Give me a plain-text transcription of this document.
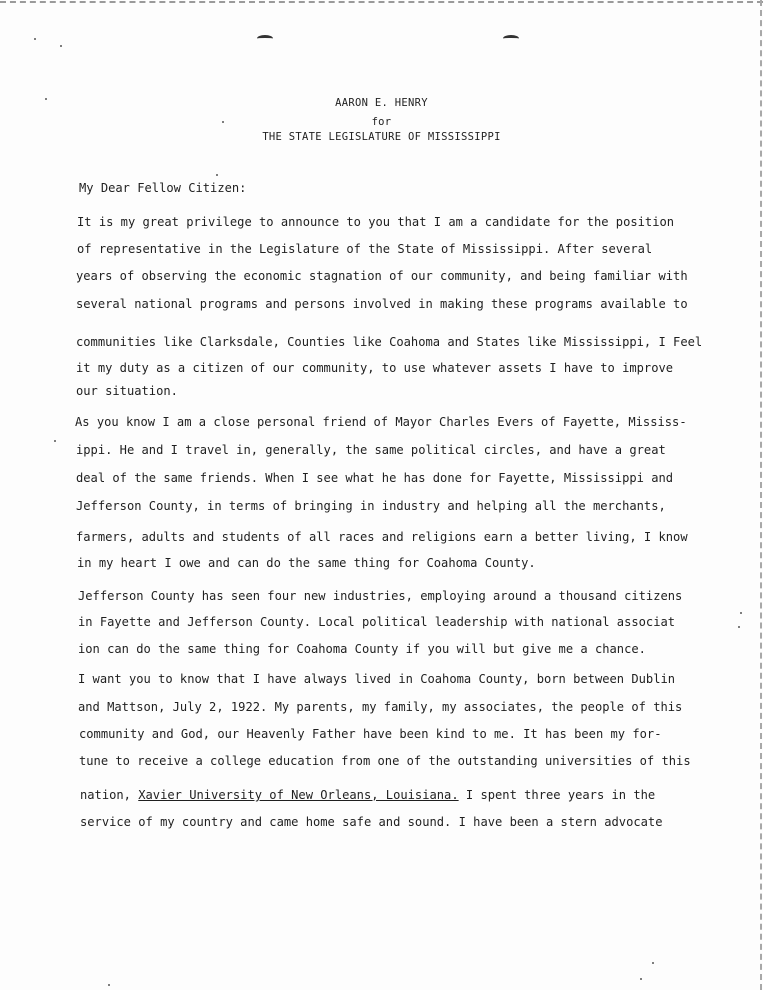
AARON E. HENRY
for
THE STATE LEGISLATURE OF MISSISSIPPI
My Dear Fellow Citizen:
It is my great privilege to announce to you that I am a candidate for the position
of representative in the Legislature of the State of Mississippi. After several
years of observing the economic stagnation of our community, and being familiar with
several national programs and persons involved in making these programs available to
communities like Clarksdale, Counties like Coahoma and States like Mississippi, I Feel
it my duty as a citizen of our community, to use whatever assets I have to improve
our situation.
As you know I am a close personal friend of Mayor Charles Evers of Fayette, Mississ-
ippi. He and I travel in, generally, the same political circles, and have a great
deal of the same friends. When I see what he has done for Fayette, Mississippi and
Jefferson County, in terms of bringing in industry and helping all the merchants,
farmers, adults and students of all races and religions earn a better living, I know
in my heart I owe and can do the same thing for Coahoma County.
Jefferson County has seen four new industries, employing around a thousand citizens
in Fayette and Jefferson County. Local political leadership with national associat
ion can do the same thing for Coahoma County if you will but give me a chance.
I want you to know that I have always lived in Coahoma County, born between Dublin
and Mattson, July 2, 1922. My parents, my family, my associates, the people of this
community and God, our Heavenly Father have been kind to me. It has been my for-
tune to receive a college education from one of the outstanding universities of this
nation, Xavier University of New Orleans, Louisiana. I spent three years in the
service of my country and came home safe and sound. I have been a stern advocate
